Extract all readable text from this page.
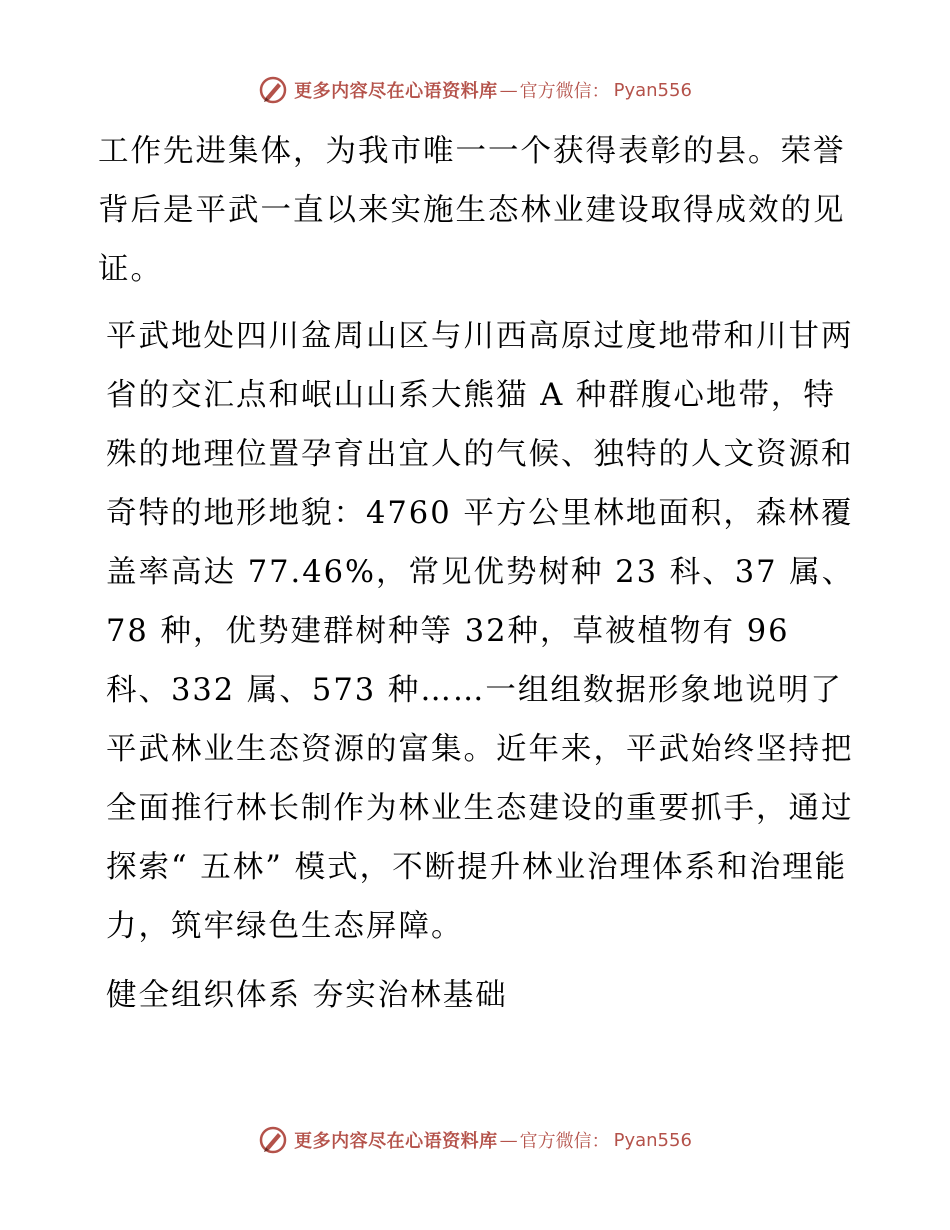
更多内容尽在心语资料库 — 官方微信： Pyan556

工作先进集体，为我市唯一一个获得表彰的县。荣誉背后是平武一直以来实施生态林业建设取得成效的见证。

平武地处四川盆周山区与川西高原过度地带和川甘两省的交汇点和岷山山系大熊猫 A 种群腹心地带，特殊的地理位置孕育出宜人的气候、独特的人文资源和奇特的地形地貌：4760 平方公里林地面积，森林覆盖率高达 77.46%，常见优势树种 23 科、37 属、78 种，优势建群树种等 32种，草被植物有 96 科、332 属、573 种……一组组数据形象地说明了平武林业生态资源的富集。近年来，平武始终坚持把全面推行林长制作为林业生态建设的重要抓手，通过探索“ 五林” 模式，不断提升林业治理体系和治理能力，筑牢绿色生态屏障。

健全组织体系 夯实治林基础
更多内容尽在心语资料库 — 官方微信： Pyan556
